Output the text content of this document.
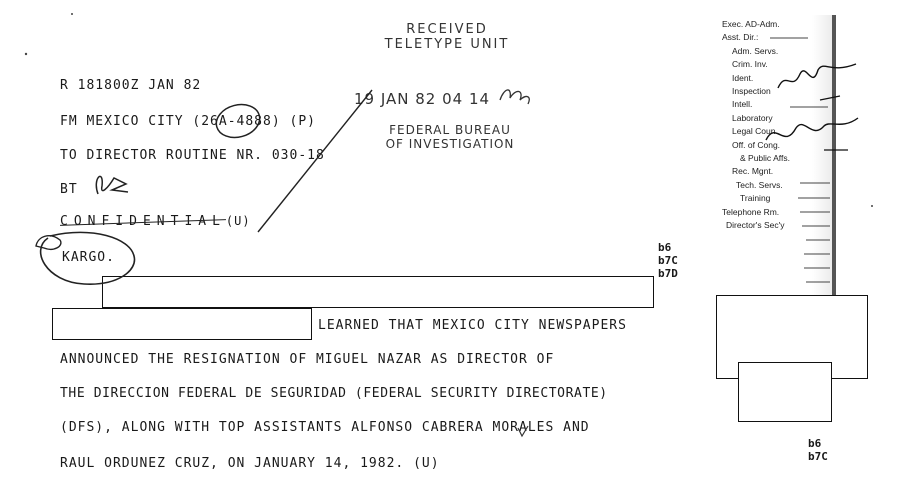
RECEIVED
TELETYPE UNIT
19 JAN 82 04 14
FEDERAL BUREAU
OF INVESTIGATION
R 181800Z JAN 82
FM MEXICO CITY (26A-4888) (P)
TO DIRECTOR ROUTINE NR. 030-18
BT
CONFIDENTIAL(U)
KARGO.
b6
b7C
b7D
LEARNED THAT MEXICO CITY NEWSPAPERS
ANNOUNCED THE RESIGNATION OF MIGUEL NAZAR AS DIRECTOR OF
THE DIRECCION FEDERAL DE SEGURIDAD (FEDERAL SECURITY DIRECTORATE)
(DFS), ALONG WITH TOP ASSISTANTS ALFONSO CABRERA MORALES AND
RAUL ORDUNEZ CRUZ, ON JANUARY 14, 1982. (U)
b6
b7C
Exec. AD-Adm.
Asst. Dir.:
Adm. Servs.
Crim. Inv.
Ident.
Inspection
Intell.
Laboratory
Legal Coun.
Off. of Cong.
& Public Affs.
Rec. Mgnt.
Tech. Servs.
Training
Telephone Rm.
Director's Sec'y
